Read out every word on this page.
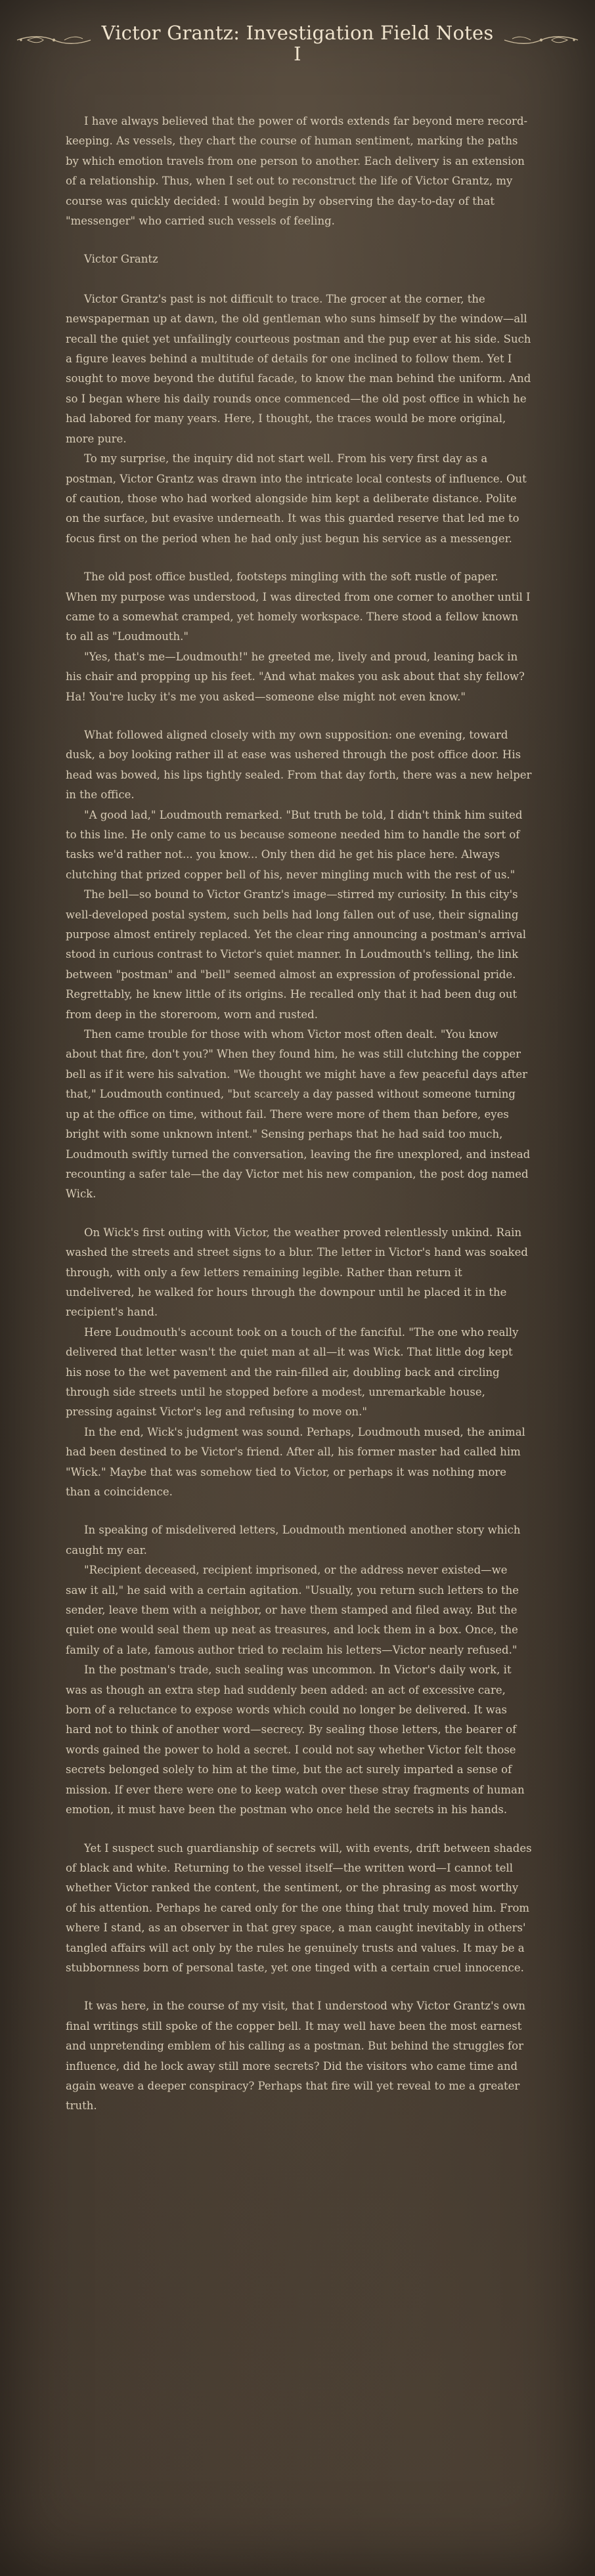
Victor Grantz: Investigation Field Notes I

I have always believed that the power of words extends far beyond mere record-keeping. As vessels, they chart the course of human sentiment, marking the paths by which emotion travels from one person to another. Each delivery is an extension of a relationship. Thus, when I set out to reconstruct the life of Victor Grantz, my course was quickly decided: I would begin by observing the day-to-day of that "messenger" who carried such vessels of feeling.

Victor Grantz

Victor Grantz's past is not difficult to trace. The grocer at the corner, the newspaperman up at dawn, the old gentleman who suns himself by the window—all recall the quiet yet unfailingly courteous postman and the pup ever at his side. Such a figure leaves behind a multitude of details for one inclined to follow them. Yet I sought to move beyond the dutiful facade, to know the man behind the uniform. And so I began where his daily rounds once commenced—the old post office in which he had labored for many years. Here, I thought, the traces would be more original, more pure.

To my surprise, the inquiry did not start well. From his very first day as a postman, Victor Grantz was drawn into the intricate local contests of influence. Out of caution, those who had worked alongside him kept a deliberate distance. Polite on the surface, but evasive underneath. It was this guarded reserve that led me to focus first on the period when he had only just begun his service as a messenger.

The old post office bustled, footsteps mingling with the soft rustle of paper. When my purpose was understood, I was directed from one corner to another until I came to a somewhat cramped, yet homely workspace. There stood a fellow known to all as "Loudmouth."

"Yes, that's me—Loudmouth!" he greeted me, lively and proud, leaning back in his chair and propping up his feet. "And what makes you ask about that shy fellow? Ha! You're lucky it's me you asked—someone else might not even know."

What followed aligned closely with my own supposition: one evening, toward dusk, a boy looking rather ill at ease was ushered through the post office door. His head was bowed, his lips tightly sealed. From that day forth, there was a new helper in the office.

"A good lad," Loudmouth remarked. "But truth be told, I didn't think him suited to this line. He only came to us because someone needed him to handle the sort of tasks we'd rather not... you know... Only then did he get his place here. Always clutching that prized copper bell of his, never mingling much with the rest of us."

The bell—so bound to Victor Grantz's image—stirred my curiosity. In this city's well-developed postal system, such bells had long fallen out of use, their signaling purpose almost entirely replaced. Yet the clear ring announcing a postman's arrival stood in curious contrast to Victor's quiet manner. In Loudmouth's telling, the link between "postman" and "bell" seemed almost an expression of professional pride. Regrettably, he knew little of its origins. He recalled only that it had been dug out from deep in the storeroom, worn and rusted.

Then came trouble for those with whom Victor most often dealt. "You know about that fire, don't you?" When they found him, he was still clutching the copper bell as if it were his salvation. "We thought we might have a few peaceful days after that," Loudmouth continued, "but scarcely a day passed without someone turning up at the office on time, without fail. There were more of them than before, eyes bright with some unknown intent." Sensing perhaps that he had said too much, Loudmouth swiftly turned the conversation, leaving the fire unexplored, and instead recounting a safer tale—the day Victor met his new companion, the post dog named Wick.

On Wick's first outing with Victor, the weather proved relentlessly unkind. Rain washed the streets and street signs to a blur. The letter in Victor's hand was soaked through, with only a few letters remaining legible. Rather than return it undelivered, he walked for hours through the downpour until he placed it in the recipient's hand.

Here Loudmouth's account took on a touch of the fanciful. "The one who really delivered that letter wasn't the quiet man at all—it was Wick. That little dog kept his nose to the wet pavement and the rain-filled air, doubling back and circling through side streets until he stopped before a modest, unremarkable house, pressing against Victor's leg and refusing to move on."

In the end, Wick's judgment was sound. Perhaps, Loudmouth mused, the animal had been destined to be Victor's friend. After all, his former master had called him "Wick." Maybe that was somehow tied to Victor, or perhaps it was nothing more than a coincidence.

In speaking of misdelivered letters, Loudmouth mentioned another story which caught my ear.

"Recipient deceased, recipient imprisoned, or the address never existed—we saw it all," he said with a certain agitation. "Usually, you return such letters to the sender, leave them with a neighbor, or have them stamped and filed away. But the quiet one would seal them up neat as treasures, and lock them in a box. Once, the family of a late, famous author tried to reclaim his letters—Victor nearly refused."

In the postman's trade, such sealing was uncommon. In Victor's daily work, it was as though an extra step had suddenly been added: an act of excessive care, born of a reluctance to expose words which could no longer be delivered. It was hard not to think of another word—secrecy. By sealing those letters, the bearer of words gained the power to hold a secret. I could not say whether Victor felt those secrets belonged solely to him at the time, but the act surely imparted a sense of mission. If ever there were one to keep watch over these stray fragments of human emotion, it must have been the postman who once held the secrets in his hands.

Yet I suspect such guardianship of secrets will, with events, drift between shades of black and white. Returning to the vessel itself—the written word—I cannot tell whether Victor ranked the content, the sentiment, or the phrasing as most worthy of his attention. Perhaps he cared only for the one thing that truly moved him. From where I stand, as an observer in that grey space, a man caught inevitably in others' tangled affairs will act only by the rules he genuinely trusts and values. It may be a stubbornness born of personal taste, yet one tinged with a certain cruel innocence.

It was here, in the course of my visit, that I understood why Victor Grantz's own final writings still spoke of the copper bell. It may well have been the most earnest and unpretending emblem of his calling as a postman. But behind the struggles for influence, did he lock away still more secrets? Did the visitors who came time and again weave a deeper conspiracy? Perhaps that fire will yet reveal to me a greater truth.
